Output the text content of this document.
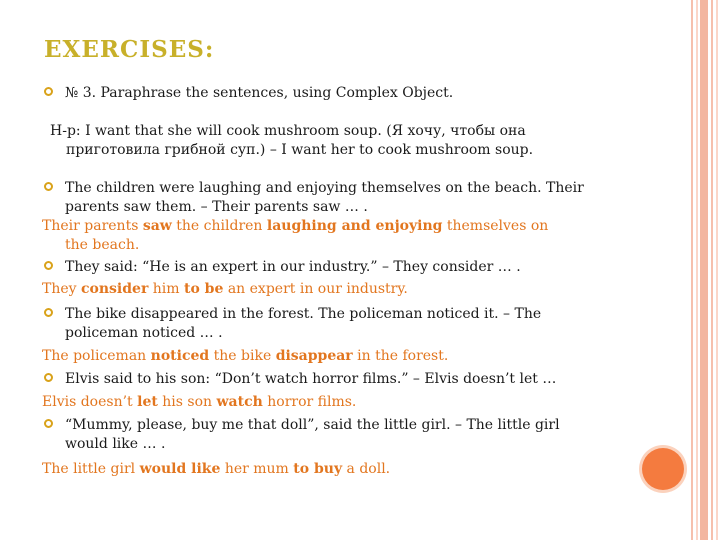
EXERCISES:
№ 3. Paraphrase the sentences, using Complex Object.
H-p: I want that she will cook mushroom soup. (Я хочу, чтобы она
приготовила грибной суп.) – I want her to cook mushroom soup.
The children were laughing and enjoying themselves on the beach. Their
parents saw them. – Their parents saw … .
Their parents saw the children laughing and enjoying themselves on
the beach.
They said: “He is an expert in our industry.” – They consider … .
They consider him to be an expert in our industry.
The bike disappeared in the forest. The policeman noticed it. – The
policeman noticed … .
The policeman noticed the bike disappear in the forest.
Elvis said to his son: “Don’t watch horror films.” – Elvis doesn’t let …
Elvis doesn’t let his son watch horror films.
“Mummy, please, buy me that doll”, said the little girl. – The little girl
would like … .
The little girl would like her mum to buy a doll.
